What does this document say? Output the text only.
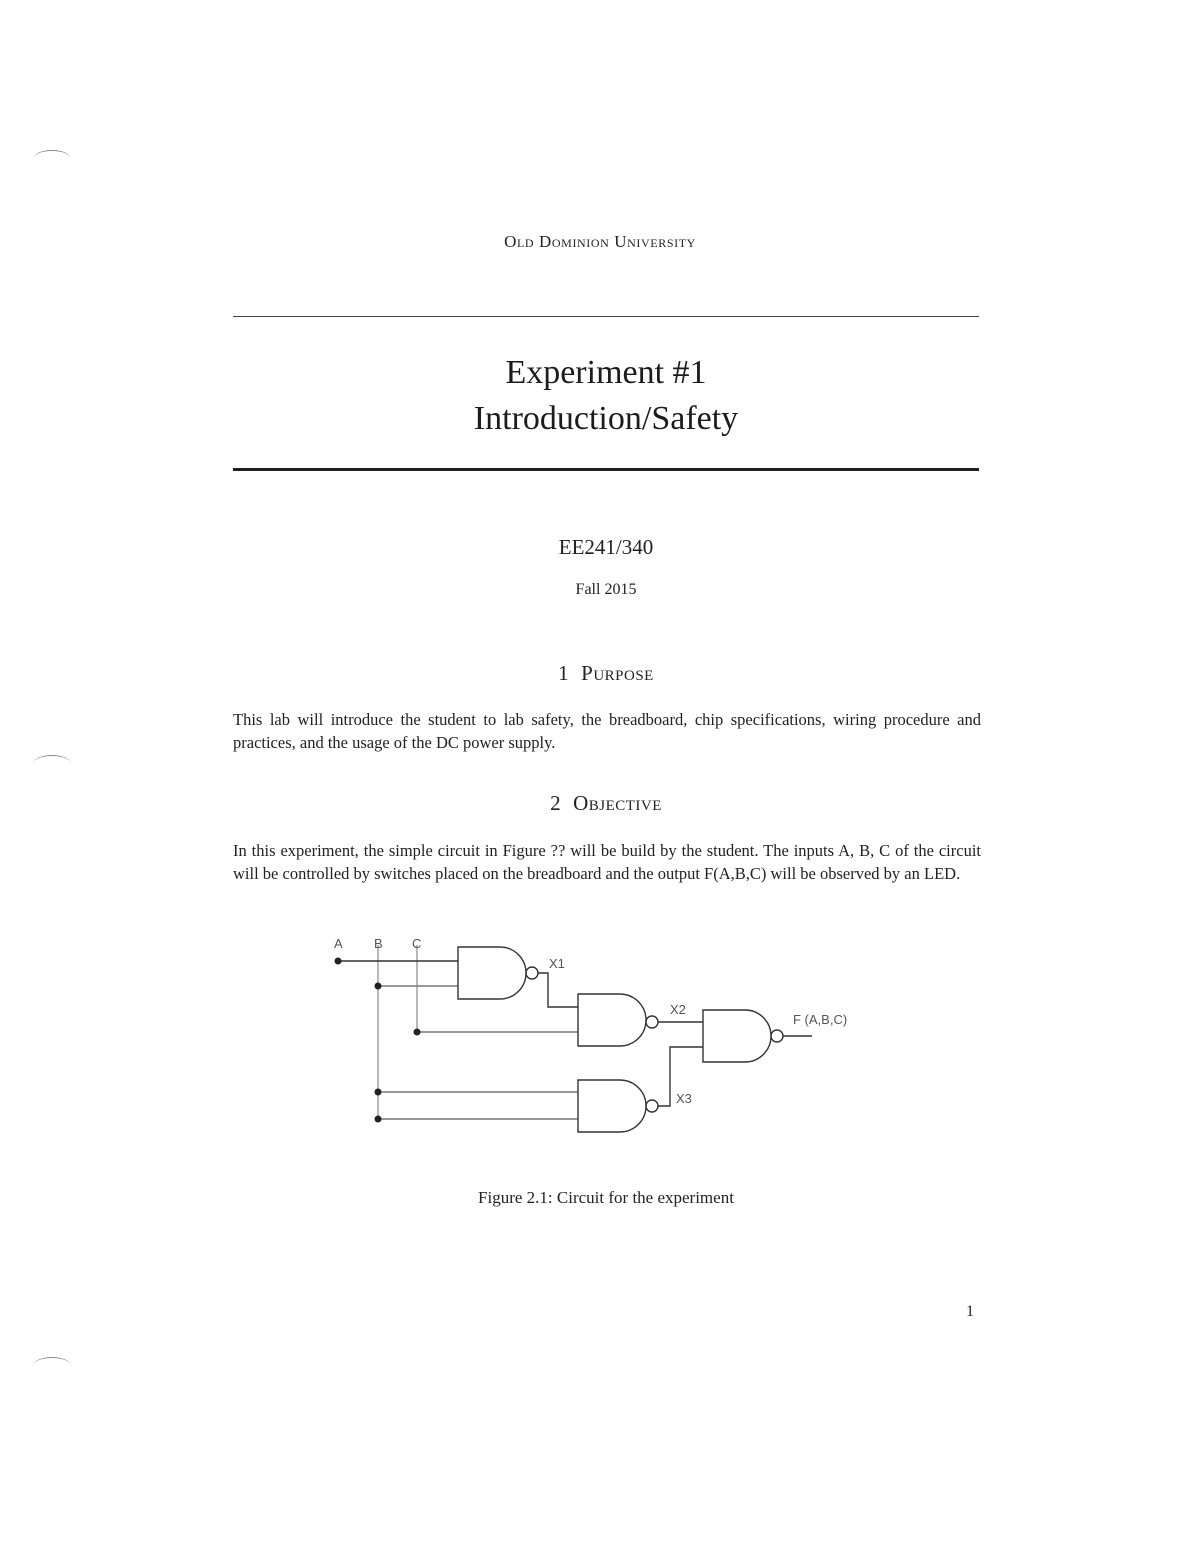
Old Dominion University
Experiment #1
Introduction/Safety
EE241/340
Fall 2015
1 Purpose
This lab will introduce the student to lab safety, the breadboard, chip specifications, wiring procedure and practices, and the usage of the DC power supply.
2 Objective
In this experiment, the simple circuit in Figure ?? will be build by the student. The inputs A, B, C of the circuit will be controlled by switches placed on the breadboard and the output F(A,B,C) will be observed by an LED.
A B C
X1
X2
X3
F (A,B,C)
Figure 2.1: Circuit for the experiment
1
